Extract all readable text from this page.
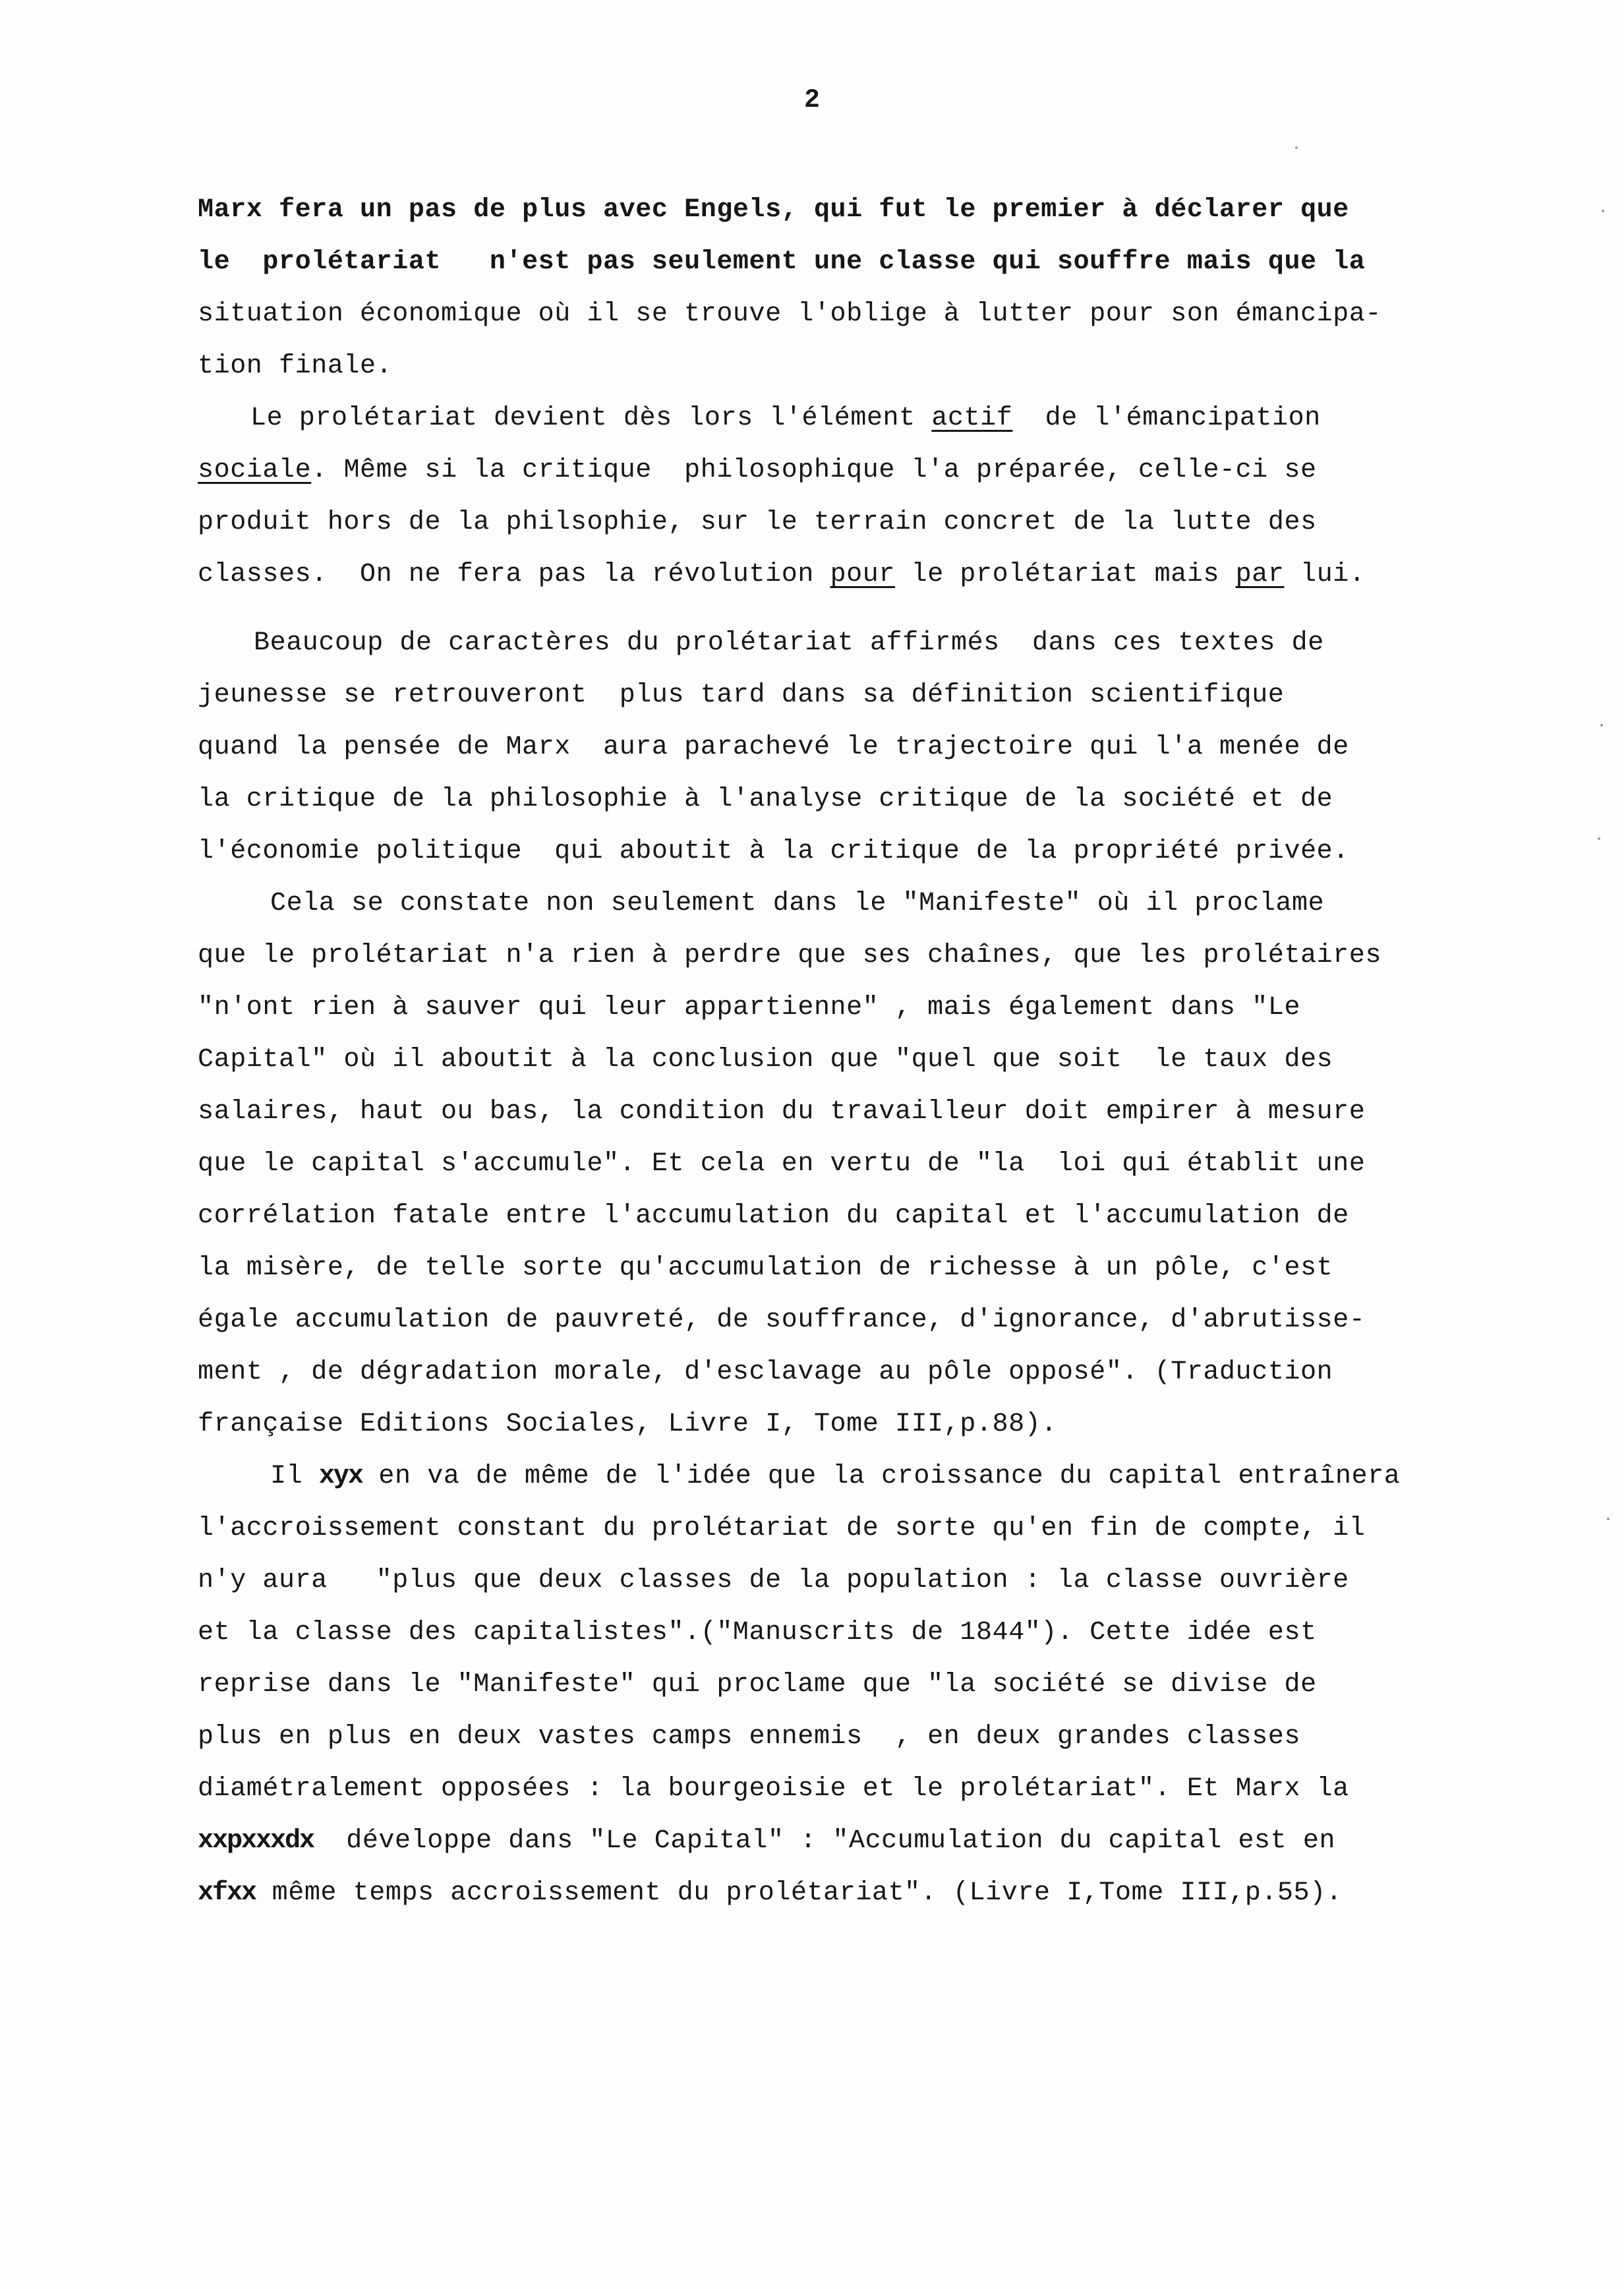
2
Marx fera un pas de plus avec Engels, qui fut le premier à déclarer que
le  prolétariat   n'est pas seulement une classe qui souffre mais que la
situation économique où il se trouve l'oblige à lutter pour son émancipa-
tion finale.
Le prolétariat devient dès lors l'élément actif  de l'émancipation
sociale. Même si la critique  philosophique l'a préparée, celle-ci se
produit hors de la philsophie, sur le terrain concret de la lutte des
classes.  On ne fera pas la révolution pour le prolétariat mais par lui.
Beaucoup de caractères du prolétariat affirmés  dans ces textes de
jeunesse se retrouveront  plus tard dans sa définition scientifique
quand la pensée de Marx  aura parachevé le trajectoire qui l'a menée de
la critique de la philosophie à l'analyse critique de la société et de
l'économie politique  qui aboutit à la critique de la propriété privée.
Cela se constate non seulement dans le "Manifeste" où il proclame
que le prolétariat n'a rien à perdre que ses chaînes, que les prolétaires
"n'ont rien à sauver qui leur appartienne" , mais également dans "Le
Capital" où il aboutit à la conclusion que "quel que soit  le taux des
salaires, haut ou bas, la condition du travailleur doit empirer à mesure
que le capital s'accumule". Et cela en vertu de "la  loi qui établit une
corrélation fatale entre l'accumulation du capital et l'accumulation de
la misère, de telle sorte qu'accumulation de richesse à un pôle, c'est
égale accumulation de pauvreté, de souffrance, d'ignorance, d'abrutisse-
ment , de dégradation morale, d'esclavage au pôle opposé". (Traduction
française Editions Sociales, Livre I, Tome III,p.88).
Il xyx en va de même de l'idée que la croissance du capital entraînera
l'accroissement constant du prolétariat de sorte qu'en fin de compte, il
n'y aura   "plus que deux classes de la population : la classe ouvrière
et la classe des capitalistes".("Manuscrits de 1844"). Cette idée est
reprise dans le "Manifeste" qui proclame que "la société se divise de
plus en plus en deux vastes camps ennemis  , en deux grandes classes
diamétralement opposées : la bourgeoisie et le prolétariat". Et Marx la
xxpxxxdx  développe dans "Le Capital" : "Accumulation du capital est en
xfxx même temps accroissement du prolétariat". (Livre I,Tome III,p.55).
